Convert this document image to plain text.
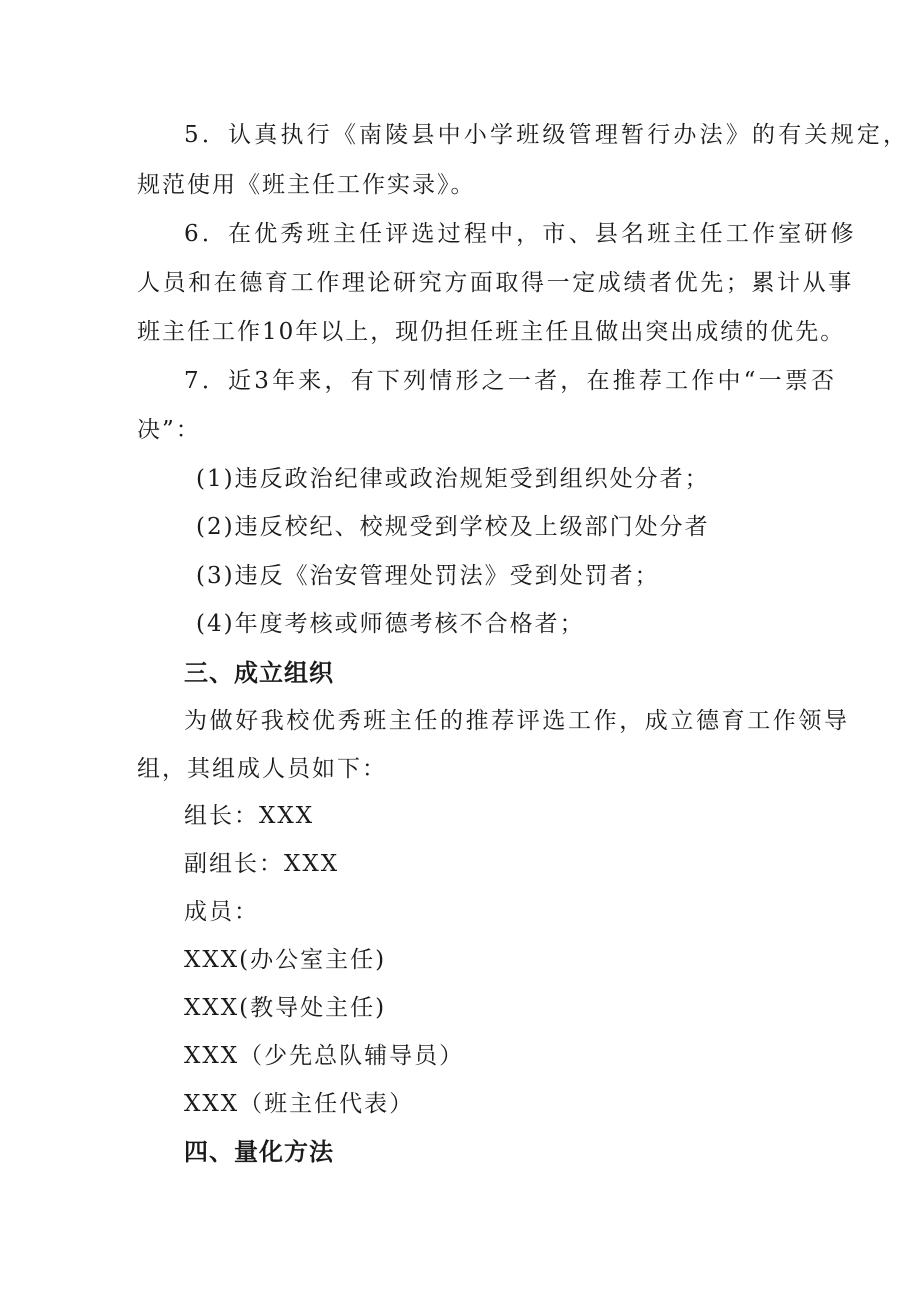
5．认真执行《南陵县中小学班级管理暂行办法》的有关规定，
规范使用《班主任工作实录》。
6．在优秀班主任评选过程中，市、县名班主任工作室研修
人员和在德育工作理论研究方面取得一定成绩者优先；累计从事
班主任工作10年以上，现仍担任班主任且做出突出成绩的优先。
7．近3年来，有下列情形之一者，在推荐工作中“一票否
决”：
(1)违反政治纪律或政治规矩受到组织处分者；
(2)违反校纪、校规受到学校及上级部门处分者
(3)违反《治安管理处罚法》受到处罚者；
(4)年度考核或师德考核不合格者；
三、成立组织
为做好我校优秀班主任的推荐评选工作，成立德育工作领导
组，其组成人员如下：
组长：XXX
副组长：XXX
成员：
XXX(办公室主任)
XXX(教导处主任)
XXX（少先总队辅导员）
XXX（班主任代表）
四、量化方法
